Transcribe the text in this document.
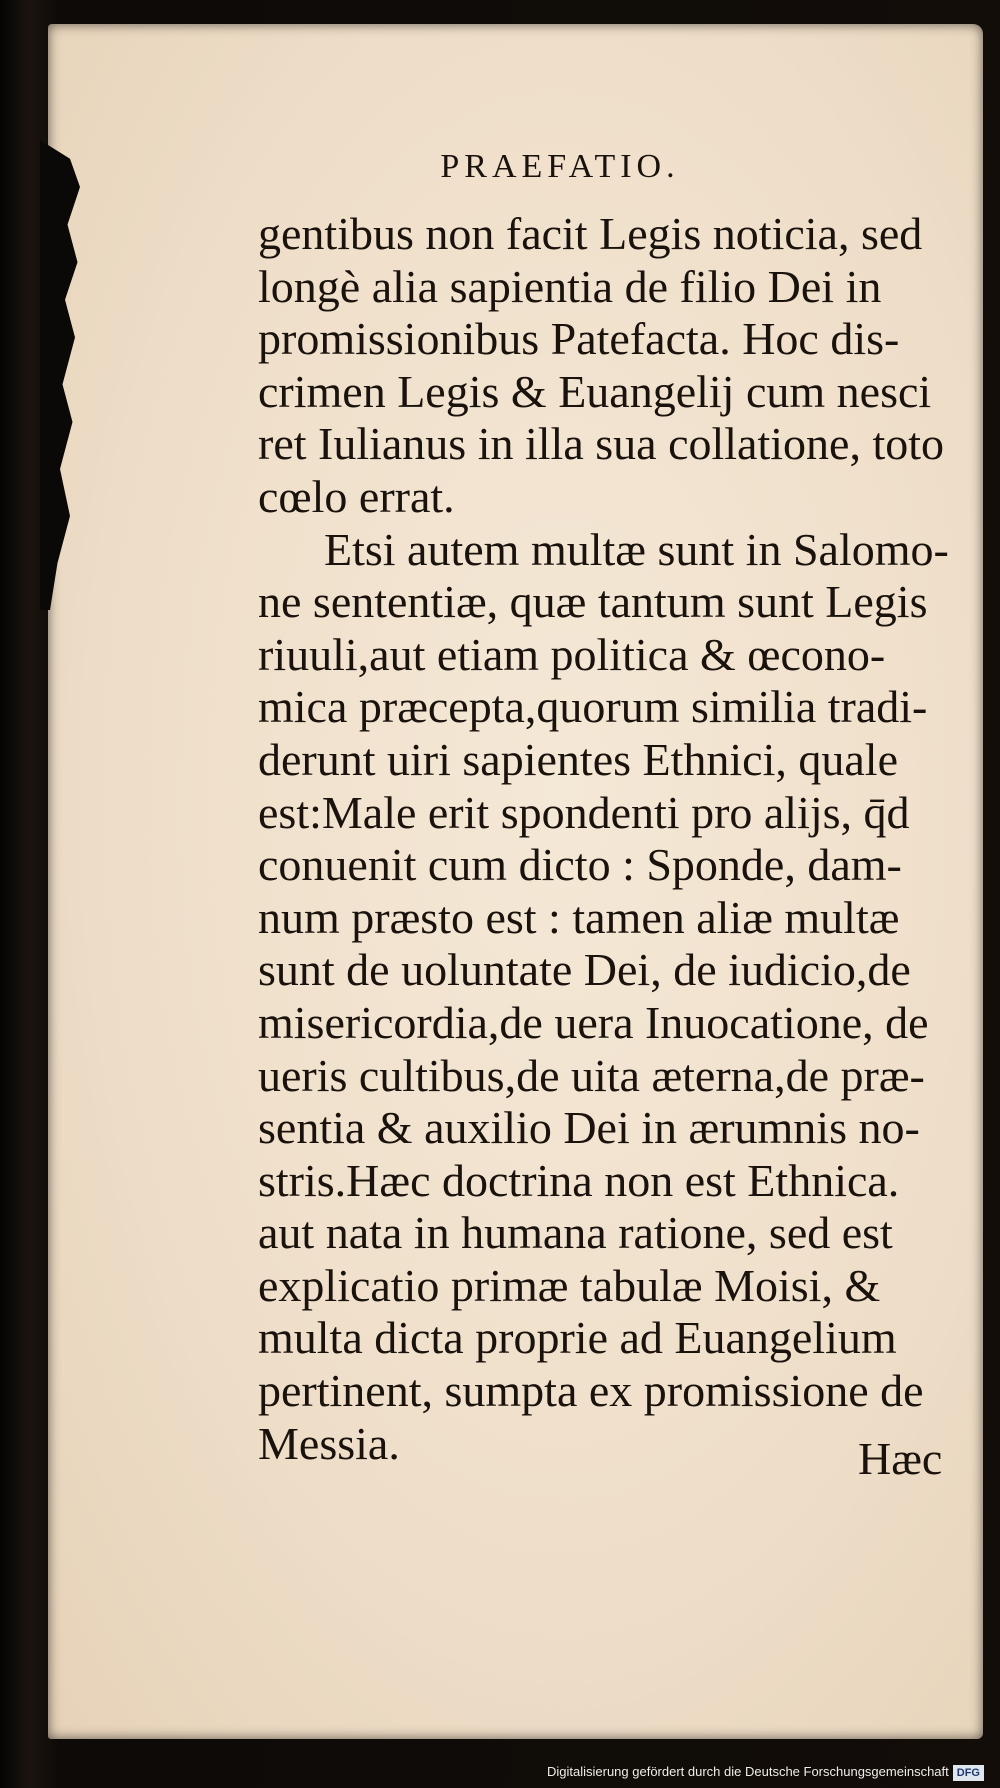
PRAEFATIO.
gentibus non facit Legis noticia, sed
longè alia sapientia de filio Dei in
promissionibus Patefacta. Hoc dis-
crimen Legis & Euangelij cum nesci
ret Iulianus in illa sua collatione, toto
cœlo errat.
Etsi autem multæ sunt in Salomo-
ne sententiæ, quæ tantum sunt Legis
riuuli,aut etiam politica & œcono-
mica præcepta,quorum similia tradi-
derunt uiri sapientes Ethnici, quale
est:Male erit spondenti pro alijs, q̄d
conuenit cum dicto : Sponde, dam-
num præsto est : tamen aliæ multæ
sunt de uoluntate Dei, de iudicio,de
misericordia,de uera Inuocatione, de
ueris cultibus,de uita æterna,de præ-
sentia & auxilio Dei in ærumnis no-
stris.Hæc doctrina non est Ethnica.
aut nata in humana ratione, sed est
explicatio primæ tabulæ Moisi, &
multa dicta proprie ad Euangelium
pertinent, sumpta ex promissione de
Messia.	Hæc
Digitalisierung gefördert durch die Deutsche Forschungsgemeinschaft DFG
